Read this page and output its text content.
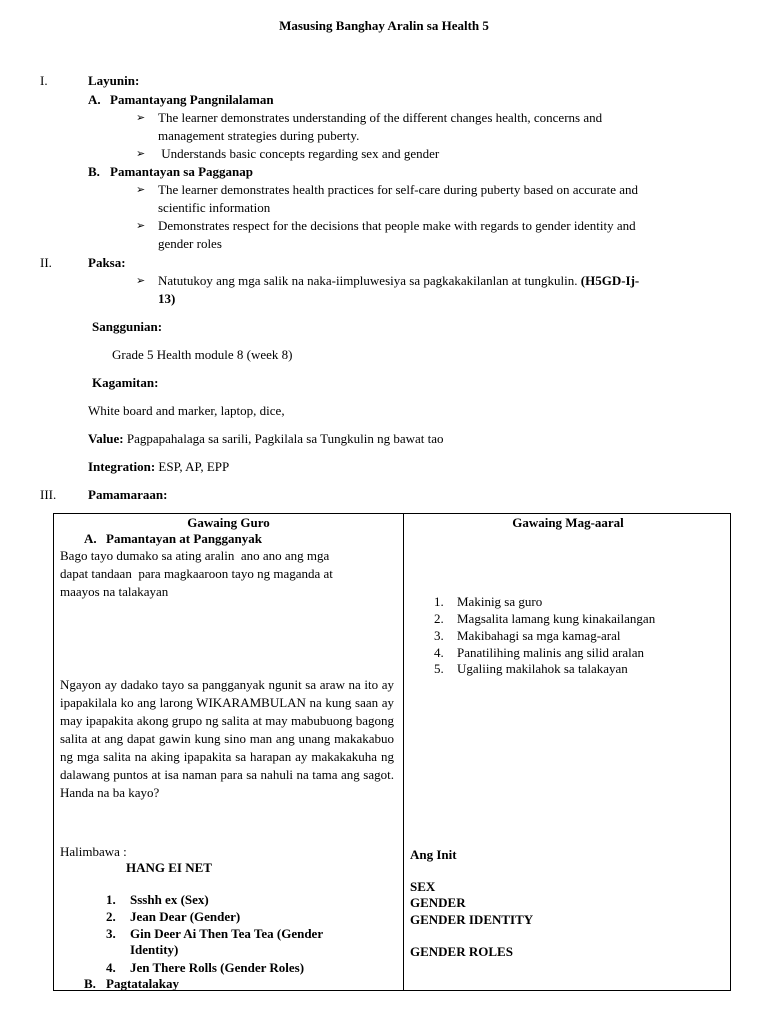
Masusing Banghay Aralin sa Health 5
I.	Layunin:
A. Pamantayang Pangnilalaman
➢ The learner demonstrates understanding of the different changes health, concerns and
management strategies during puberty.
➢ Understands basic concepts regarding sex and gender
B. Pamantayan sa Pagganap
➢ The learner demonstrates health practices for self-care during puberty based on accurate and
scientific information
➢ Demonstrates respect for the decisions that people make with regards to gender identity and
gender roles
II.	Paksa:
➢ Natutukoy ang mga salik na naka-iimpluwesiya sa pagkakakilanlan at tungkulin. (H5GD-Ij-
13)
Sanggunian:
Grade 5 Health module 8 (week 8)
Kagamitan:
White board and marker, laptop, dice,
Value: Pagpapahalaga sa sarili, Pagkilala sa Tungkulin ng bawat tao
Integration: ESP, AP, EPP
III. Pamamaraan:
Gawaing Guro
A. Pamantayan at Pangganyak
Bago tayo dumako sa ating aralin  ano ano ang mga
dapat tandaan  para magkaaroon tayo ng maganda at
maayos na talakayan
Ngayon ay dadako tayo sa pangganyak ngunit sa araw na ito ay ipapakilala ko ang larong WIKARAMBULAN na kung saan ay may ipapakita akong grupo ng salita at may mabubuong bagong salita at ang dapat gawin kung sino man ang unang makakabuo ng mga salita na aking ipapakita sa harapan ay makakakuha ng dalawang puntos at isa naman para sa nahuli na tama ang sagot. Handa na ba kayo?
Halimbawa :
HANG EI NET
1. Ssshh ex (Sex)
2. Jean Dear (Gender)
3. Gin Deer Ai Then Tea Tea (Gender
Identity)
4. Jen There Rolls (Gender Roles)
B. Pagtatalakay
Gawaing Mag-aaral
1. Makinig sa guro
2. Magsalita lamang kung kinakailangan
3. Makibahagi sa mga kamag-aral
4. Panatilihing malinis ang silid aralan
5. Ugaliing makilahok sa talakayan
Ang Init
SEX
GENDER
GENDER IDENTITY
GENDER ROLES
